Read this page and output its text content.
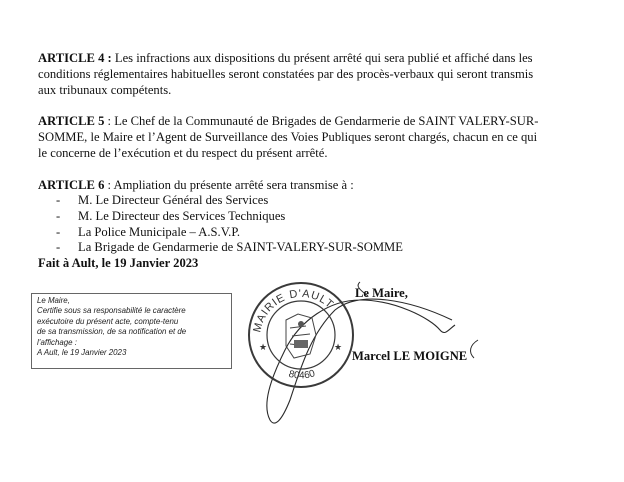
ARTICLE 4 : Les infractions aux dispositions du présent arrêté qui sera publié et affiché dans les
conditions réglementaires habituelles seront constatées par des procès-verbaux qui seront transmis
aux tribunaux compétents.

ARTICLE 5 : Le Chef de la Communauté de Brigades de Gendarmerie de SAINT VALERY-SUR-
SOMME, le Maire et l’Agent de Surveillance des Voies Publiques seront chargés, chacun en ce qui
le concerne de l’exécution et du respect du présent arrêté.

ARTICLE 6 : Ampliation du présente arrêté sera transmise à :

- M. Le Directeur Général des Services
- M. Le Directeur des Services Techniques
- La Police Municipale – A.S.V.P.
- La Brigade de Gendarmerie de SAINT-VALERY-SUR-SOMME

Fait à Ault, le 19 Janvier 2023

Le Maire,
Certifie sous sa responsabilité le caractère
exécutoire du présent acte, compte-tenu
de sa transmission, de sa notification et de
l’affichage :
A Ault, le 19 Janvier 2023
MAIRIE D'AULT
80460
★	★
Le Maire,
Marcel LE MOIGNE
